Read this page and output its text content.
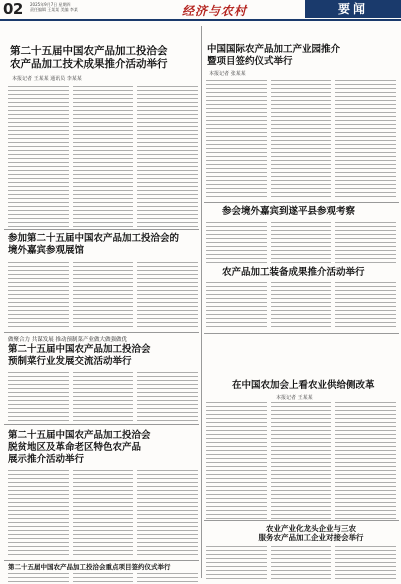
02 2025年9月7日 星期四
责任编辑 王某某 美编 李某	经济与农村	要闻
第二十五届中国农产品加工投洽会
农产品加工技术成果推介活动举行
本报记者 王某某 通讯员 李某某
中国国际农产品加工产业园推介
暨项目签约仪式举行
本报记者 张某某
参加第二十五届中国农产品加工投洽会的
境外嘉宾参观展馆
参会境外嘉宾到遂平县参观考察
做聚合力 共谋发展 推动预制菜产业做大做强做优
第二十五届中国农产品加工投洽会
预制菜行业发展交流活动举行
农产品加工装备成果推介活动举行
第二十五届中国农产品加工投洽会
脱贫地区及革命老区特色农产品
展示推介活动举行
在中国农加会上看农业供给侧改革
本报记者 王某某
农业产业化龙头企业与三农
服务农产品加工企业对接会举行
第二十五届中国农产品加工投洽会重点项目签约仪式举行
